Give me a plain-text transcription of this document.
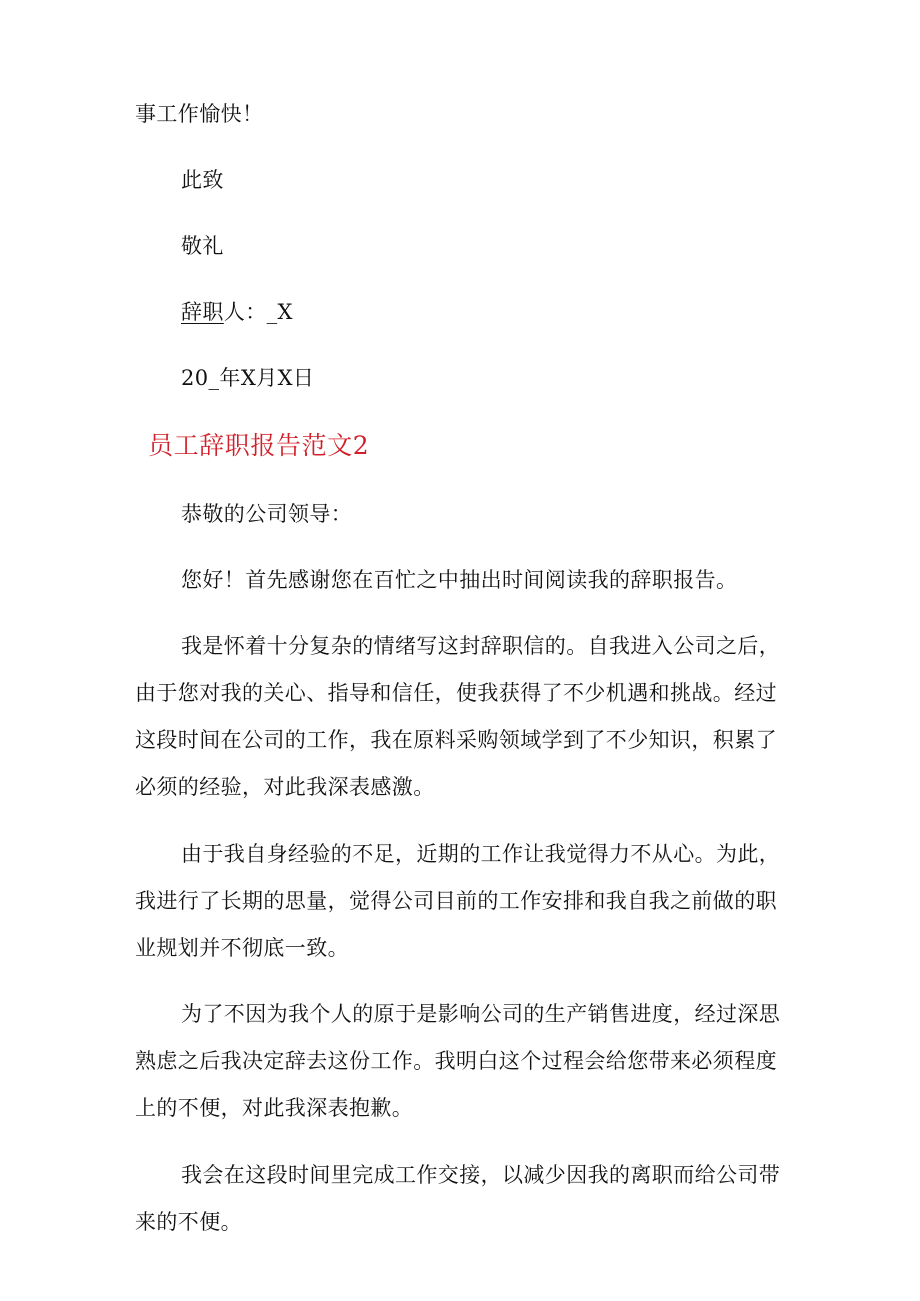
事工作愉快！
此致
敬礼
辞职人：_X
20_年X月X日
员工辞职报告范文2
恭敬的公司领导：
您好！首先感谢您在百忙之中抽出时间阅读我的辞职报告。
我是怀着十分复杂的情绪写这封辞职信的。自我进入公司之后，
由于您对我的关心、指导和信任，使我获得了不少机遇和挑战。经过
这段时间在公司的工作，我在原料采购领域学到了不少知识，积累了
必须的经验，对此我深表感激。
由于我自身经验的不足，近期的工作让我觉得力不从心。为此，
我进行了长期的思量，觉得公司目前的工作安排和我自我之前做的职
业规划并不彻底一致。
为了不因为我个人的原于是影响公司的生产销售进度，经过深思
熟虑之后我决定辞去这份工作。我明白这个过程会给您带来必须程度
上的不便，对此我深表抱歉。
我会在这段时间里完成工作交接，以减少因我的离职而给公司带
来的不便。
